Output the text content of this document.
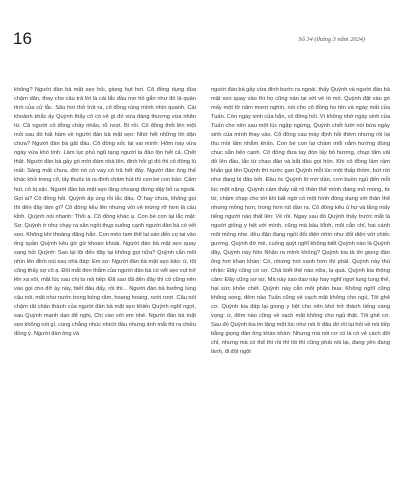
16	Số 34 (tháng 3 năm 2024)

không? Người đàn bà mặt sẹo hỏi, giọng hụt hơi. Cô đồng dụng đùa chậm dãn, thay cho câu trả lời là cái lắc đầu mơ hồ gắn như đó là quán tính của cử lắc. Sâu hơi thở trút ra, cô đồng rùng mình nhìn quanh. Cái khoảnh khắc ấy Quỳnh thấy cô có vẻ gì đó vừa đáng thương vừa nhân từ. Cả người cô đồng chầy nhão, rũ rượi. Bí rồi. Cô đồng thốt lên một mỏi sau đó hất hàm về người đàn bà mặt sẹo: Nhớ hết những lời dặn chưa? Người đàn bà gật đầu. Cô đồng sốc lại vai mình: Hôm nay vừa ngày vừa khó tính. Làm lục phủ ngũ tạng người ta đảo lộn hết cả. Chết thật. Người đàn bà gầy gò mời đám nhà lên, đinh hỏi gì đó thì cô đồng lù mất: Sáng mất chưa, đời nó có vay có trả hết đấy. Người đàn ông thế khác khử trong cổ, lấy thuốc lá ra đinh châm hút thì con bé con bảo: Cấm hút, cô bị sặc. Người đàn bà mặt sẹo lặng choạng đứng dậy bỏ ra ngoài. Gọi ai? Cô đồng hỏi. Quỳnh ấp úng rồi lắc đầu. Ờ hay chưa, không gọi thì đến đây làm gì? Cô đồng kêu lên nhưng với vẻ mừng rỡ hơn là cáu kỉnh. Quỳnh nói nhanh: Thôi ạ. Cô đồng khác ạ. Con bé con lại lắc mật: Sợ. Quỳnh ờ như chạy ra sân ngồi thụp xuống cạnh người đàn bà có vết sẹo. Không khí thoáng đãng hẳn. Con mèo tam thể lại sán đến cọ tai vào ống quần Quỳnh kêu gừ gừ khoan khoái. Người đàn bà mặt sẹo quay sang hỏi Quỳnh: Sao lại lội đến đây lại không gọi nữa? Quỳnh cắn môi nhìn lên đỉnh núi sau nhà đáp: Em sợ. Người đàn bà mặt sẹo bảo: ừ, tôi cũng thấy sợ cô ạ. Đôi mắt đen thẫm của người đàn bà có vết sẹo vụt trở lên xa xôi, mặt lúc sau chị ta nói tiếp: Đã sao đã đến đây thì cô cũng nên vào gọi cho đỡ áy náy, biết đâu đấy, rồi thì... Người đàn bà bưởng lùng cậu nói, mặt như nước trong bóng râm, hoang hoang, rười rượi. Câu nói chậm rãi chấn thành của người đàn bà mặt sẹo khiến Quỳnh nghĩ ngợi, sau Quỳnh mạnh dạn để nghị, Chị vào với em nhé. Người đàn bà mặt sẹo không nói gì, cùng chẳng nhúc nhích đầu nhưng ánh mắt thì ra chiều đồng ý. Người đàn ông và

người đàn bà gầy vừa đinh bước ra ngoài, thấy Quỳnh và người đàn bà mặt sẹo quay vào thì họ cũng nán lại với vẻ tò mò. Quỳnh đặt vào gò mấy một tờ năm mươi nghìn, nói cho cô đồng họ tên và ngày mất của Tuấn. Còn ngày sinh của hắn, cô đồng hỏi. Vì không nhớ ngày sinh của Tuấn cho nên sau một lúc ngập ngừng, Quỳnh chết lười nói bừa ngày sinh của mình thay vào. Cô đồng cau mày định hỏi thêm nhưng rồi lại thu mồi lấm nhắm khấn. Con bé con lại chầm mổi nằm hướng đùng chục sẵn bên cạnh. Cô đồng đưa tay đón lấy bó hương, chụp tấm vải đỏ lên đầu, lắc từ chao đảo và bắt đầu gọi hồn. Khi cô đồng lầm rầm khấn gọi tên Quỳnh thì nước gan Quỳnh mỗi lúc một thấp thỏm, bứt rứt như đang bị đảo bởi. Đầu óc Quỳnh lờ mờ dần, cơn buồn ngủ đến mỗi lúc một nặng. Quỳnh cảm thấy rất rõ thân thể mình đang mỏ mòng, từ từ, chậm chạp cho tới khi bất ngờ có một hình đồng dạng với thân thể nhưng mỏng hơn, trong hơn rút dần ra. Cô đồng kêu ủ hự và lắng mấy tiếng người nào thất lên: Về rồi. Ngay sau đó Quỳnh thấy trước mắt là người giống y hệt với mình, cũng mà bầu bĩnh, môi cắn chỉ, hai cánh môi mỏng nhẹ. đều đặn đang ngồi đối diện nhìn như đối diện với chiếc gương. Quỳnh đờ mê, cuống quýt nghĩ không biết Quỳnh nào là Quỳnh đây, Quỳnh này hôn Nhận ra mình không? Quỳnh kia tả lời giọng đàn ông hơi khan khàn: Có, nhưng hơi xanh hơn thì phải. Quỳnh này thú nhận: Đây cũng có sợ. Chả biết thế nào nữa, lạ quá. Quỳnh kia thông cảm: Đây cũng sợ sợ. Mà này sao dạo này hay nghĩ ngợi lung tung thế, hại sức khỏe chết. Quỳnh này cắn môi phân bua: Không nghĩ cũng không song, đêm nào Tuấn cũng về vạch mặt không cho ngủ. Tôi ghê cơ. Quỳnh kia đáp lại giọng y hệt cho nên khó trở thành tiếng vang vọng: ừ, đêm nào cũng về vạch mặt không cho ngủ thật. Tôi ghê cơ. Sau đó Quỳnh kia im lặng một lúc như nói ở đâu đó rồi lại hỏi về nói tiếp bằng giọng đàn ông khàn khàn: Nhưng mà nói cơ có là có vẻ cách đối chỉ, nhưng mà có thể thì rồi thì tôi thì cũng phải nói lại, đang yên đang lành, đi đột ngột
